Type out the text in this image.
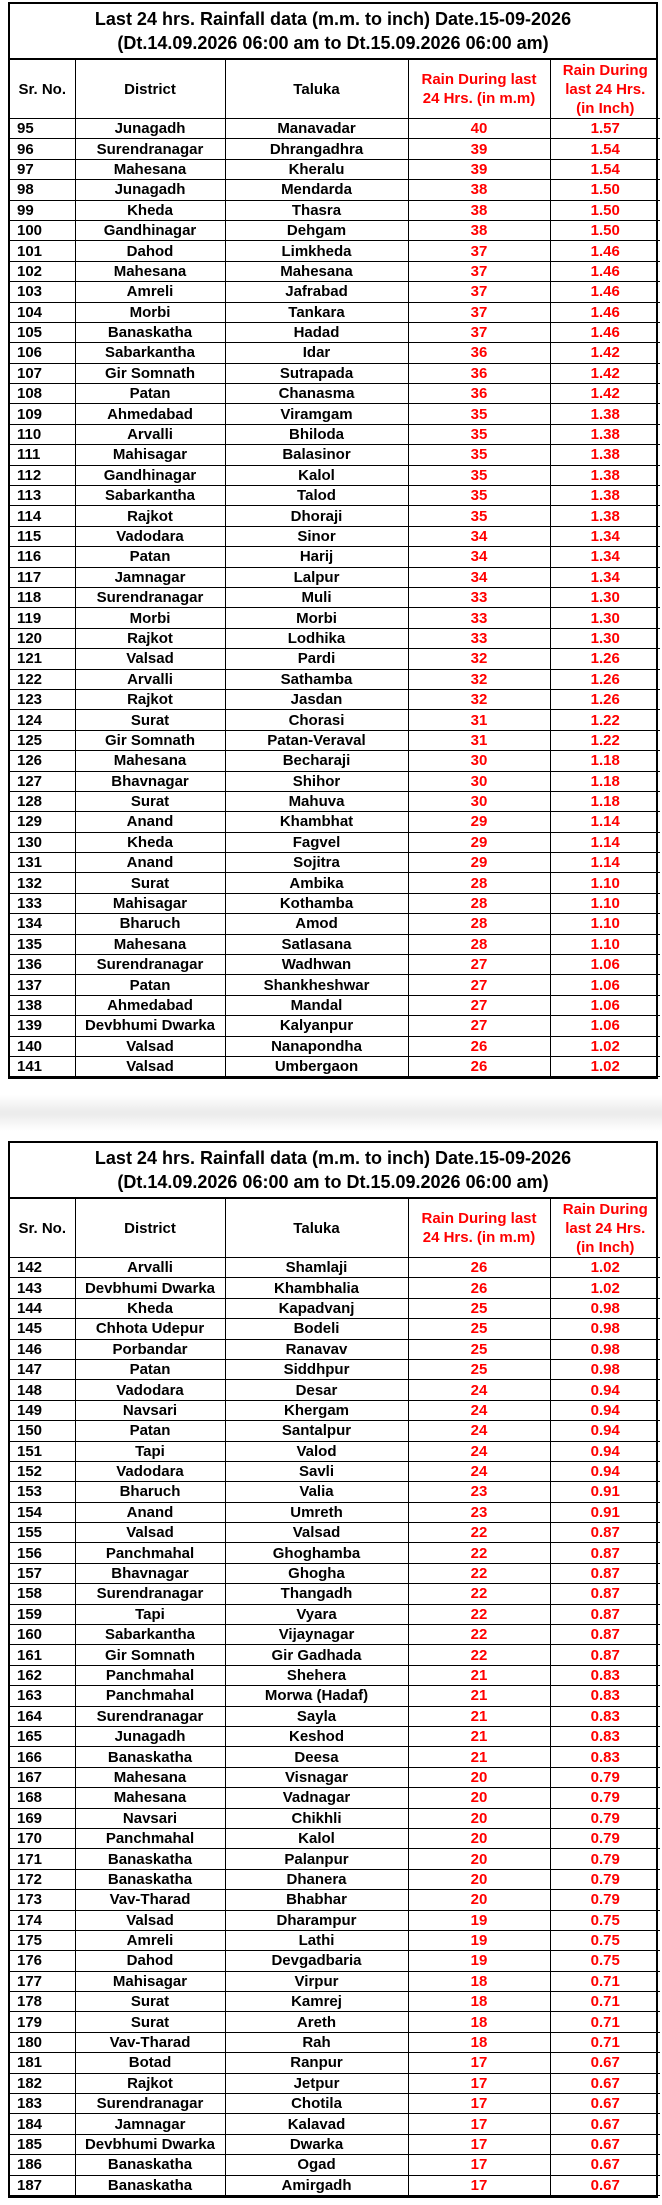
Last 24 hrs. Rainfall data (m.m. to inch) Date.15-09-2026
(Dt.14.09.2026 06:00 am to Dt.15.09.2026 06:00 am)
Sr. No.	District	Taluka	Rain During last 24 Hrs. (in m.m)	Rain During last 24 Hrs. (in Inch)
95	Junagadh	Manavadar	40	1.57
96	Surendranagar	Dhrangadhra	39	1.54
97	Mahesana	Kheralu	39	1.54
98	Junagadh	Mendarda	38	1.50
99	Kheda	Thasra	38	1.50
100	Gandhinagar	Dehgam	38	1.50
101	Dahod	Limkheda	37	1.46
102	Mahesana	Mahesana	37	1.46
103	Amreli	Jafrabad	37	1.46
104	Morbi	Tankara	37	1.46
105	Banaskatha	Hadad	37	1.46
106	Sabarkantha	Idar	36	1.42
107	Gir Somnath	Sutrapada	36	1.42
108	Patan	Chanasma	36	1.42
109	Ahmedabad	Viramgam	35	1.38
110	Arvalli	Bhiloda	35	1.38
111	Mahisagar	Balasinor	35	1.38
112	Gandhinagar	Kalol	35	1.38
113	Sabarkantha	Talod	35	1.38
114	Rajkot	Dhoraji	35	1.38
115	Vadodara	Sinor	34	1.34
116	Patan	Harij	34	1.34
117	Jamnagar	Lalpur	34	1.34
118	Surendranagar	Muli	33	1.30
119	Morbi	Morbi	33	1.30
120	Rajkot	Lodhika	33	1.30
121	Valsad	Pardi	32	1.26
122	Arvalli	Sathamba	32	1.26
123	Rajkot	Jasdan	32	1.26
124	Surat	Chorasi	31	1.22
125	Gir Somnath	Patan-Veraval	31	1.22
126	Mahesana	Becharaji	30	1.18
127	Bhavnagar	Shihor	30	1.18
128	Surat	Mahuva	30	1.18
129	Anand	Khambhat	29	1.14
130	Kheda	Fagvel	29	1.14
131	Anand	Sojitra	29	1.14
132	Surat	Ambika	28	1.10
133	Mahisagar	Kothamba	28	1.10
134	Bharuch	Amod	28	1.10
135	Mahesana	Satlasana	28	1.10
136	Surendranagar	Wadhwan	27	1.06
137	Patan	Shankheshwar	27	1.06
138	Ahmedabad	Mandal	27	1.06
139	Devbhumi Dwarka	Kalyanpur	27	1.06
140	Valsad	Nanapondha	26	1.02
141	Valsad	Umbergaon	26	1.02
Last 24 hrs. Rainfall data (m.m. to inch) Date.15-09-2026
(Dt.14.09.2026 06:00 am to Dt.15.09.2026 06:00 am)
Sr. No.	District	Taluka	Rain During last 24 Hrs. (in m.m)	Rain During last 24 Hrs. (in Inch)
142	Arvalli	Shamlaji	26	1.02
143	Devbhumi Dwarka	Khambhalia	26	1.02
144	Kheda	Kapadvanj	25	0.98
145	Chhota Udepur	Bodeli	25	0.98
146	Porbandar	Ranavav	25	0.98
147	Patan	Siddhpur	25	0.98
148	Vadodara	Desar	24	0.94
149	Navsari	Khergam	24	0.94
150	Patan	Santalpur	24	0.94
151	Tapi	Valod	24	0.94
152	Vadodara	Savli	24	0.94
153	Bharuch	Valia	23	0.91
154	Anand	Umreth	23	0.91
155	Valsad	Valsad	22	0.87
156	Panchmahal	Ghoghamba	22	0.87
157	Bhavnagar	Ghogha	22	0.87
158	Surendranagar	Thangadh	22	0.87
159	Tapi	Vyara	22	0.87
160	Sabarkantha	Vijaynagar	22	0.87
161	Gir Somnath	Gir Gadhada	22	0.87
162	Panchmahal	Shehera	21	0.83
163	Panchmahal	Morwa (Hadaf)	21	0.83
164	Surendranagar	Sayla	21	0.83
165	Junagadh	Keshod	21	0.83
166	Banaskatha	Deesa	21	0.83
167	Mahesana	Visnagar	20	0.79
168	Mahesana	Vadnagar	20	0.79
169	Navsari	Chikhli	20	0.79
170	Panchmahal	Kalol	20	0.79
171	Banaskatha	Palanpur	20	0.79
172	Banaskatha	Dhanera	20	0.79
173	Vav-Tharad	Bhabhar	20	0.79
174	Valsad	Dharampur	19	0.75
175	Amreli	Lathi	19	0.75
176	Dahod	Devgadbaria	19	0.75
177	Mahisagar	Virpur	18	0.71
178	Surat	Kamrej	18	0.71
179	Surat	Areth	18	0.71
180	Vav-Tharad	Rah	18	0.71
181	Botad	Ranpur	17	0.67
182	Rajkot	Jetpur	17	0.67
183	Surendranagar	Chotila	17	0.67
184	Jamnagar	Kalavad	17	0.67
185	Devbhumi Dwarka	Dwarka	17	0.67
186	Banaskatha	Ogad	17	0.67
187	Banaskatha	Amirgadh	17	0.67
